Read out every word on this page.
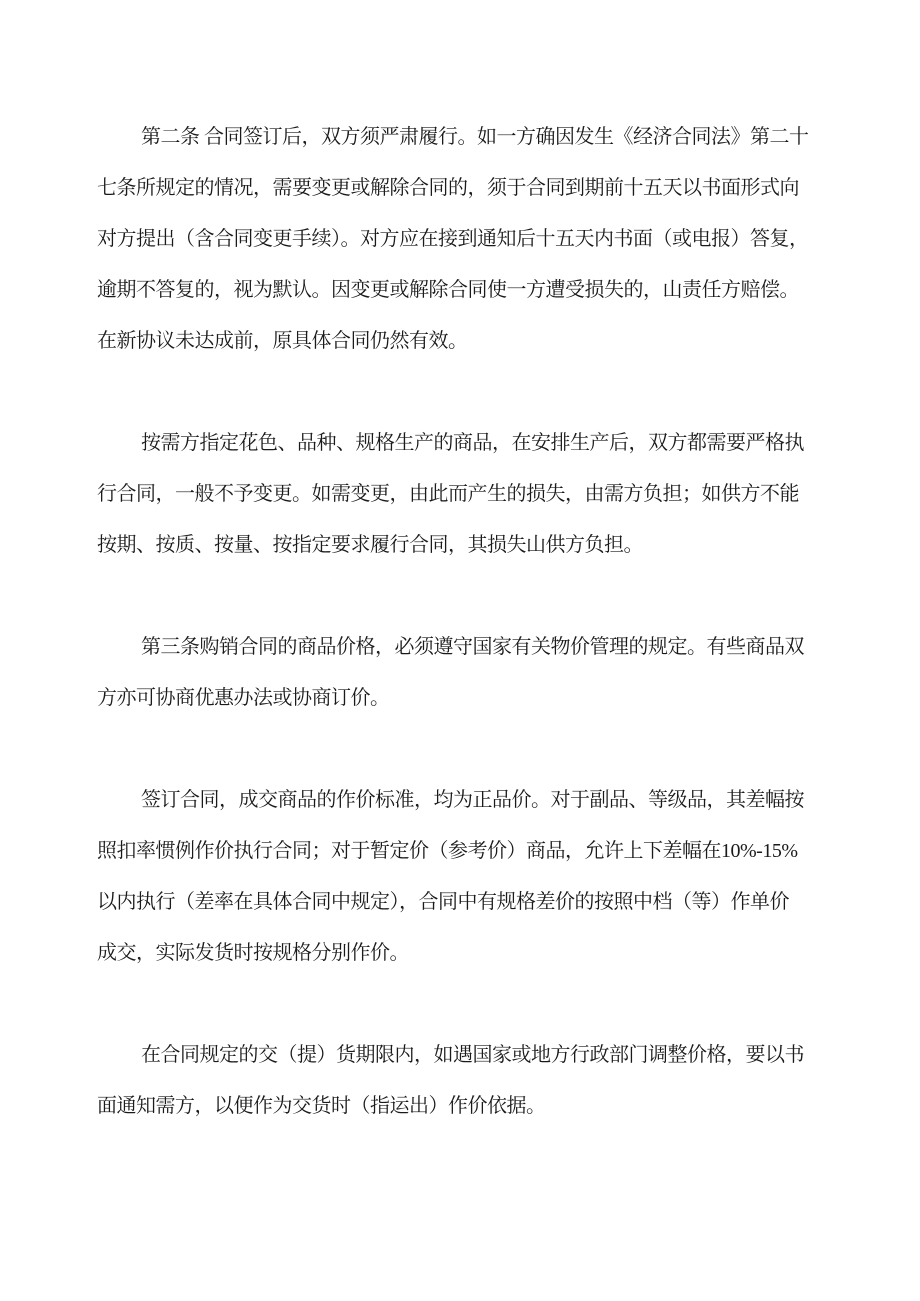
第二条 合同签订后，双方须严肃履行。如一方确因发生《经济合同法》第二十
七条所规定的情况，需要变更或解除合同的，须于合同到期前十五天以书面形式向
对方提出（含合同变更手续）。对方应在接到通知后十五天内书面（或电报）答复，
逾期不答复的，视为默认。因变更或解除合同使一方遭受损失的，山责任方赔偿。
在新协议未达成前，原具体合同仍然有效。
按需方指定花色、品种、规格生产的商品，在安排生产后，双方都需要严格执
行合同，一般不予变更。如需变更，由此而产生的损失，由需方负担；如供方不能
按期、按质、按量、按指定要求履行合同，其损失山供方负担。
第三条购销合同的商品价格，必须遵守国家有关物价管理的规定。有些商品双
方亦可协商优惠办法或协商订价。
签订合同，成交商品的作价标准，均为正品价。对于副品、等级品，其差幅按
照扣率惯例作价执行合同；对于暂定价（参考价）商品，允许上下差幅在10%-15%
以内执行（差率在具体合同中规定），合同中有规格差价的按照中档（等）作单价
成交，实际发货时按规格分别作价。
在合同规定的交（提）货期限内，如遇国家或地方行政部门调整价格，要以书
面通知需方，以便作为交货时（指运出）作价依据。
